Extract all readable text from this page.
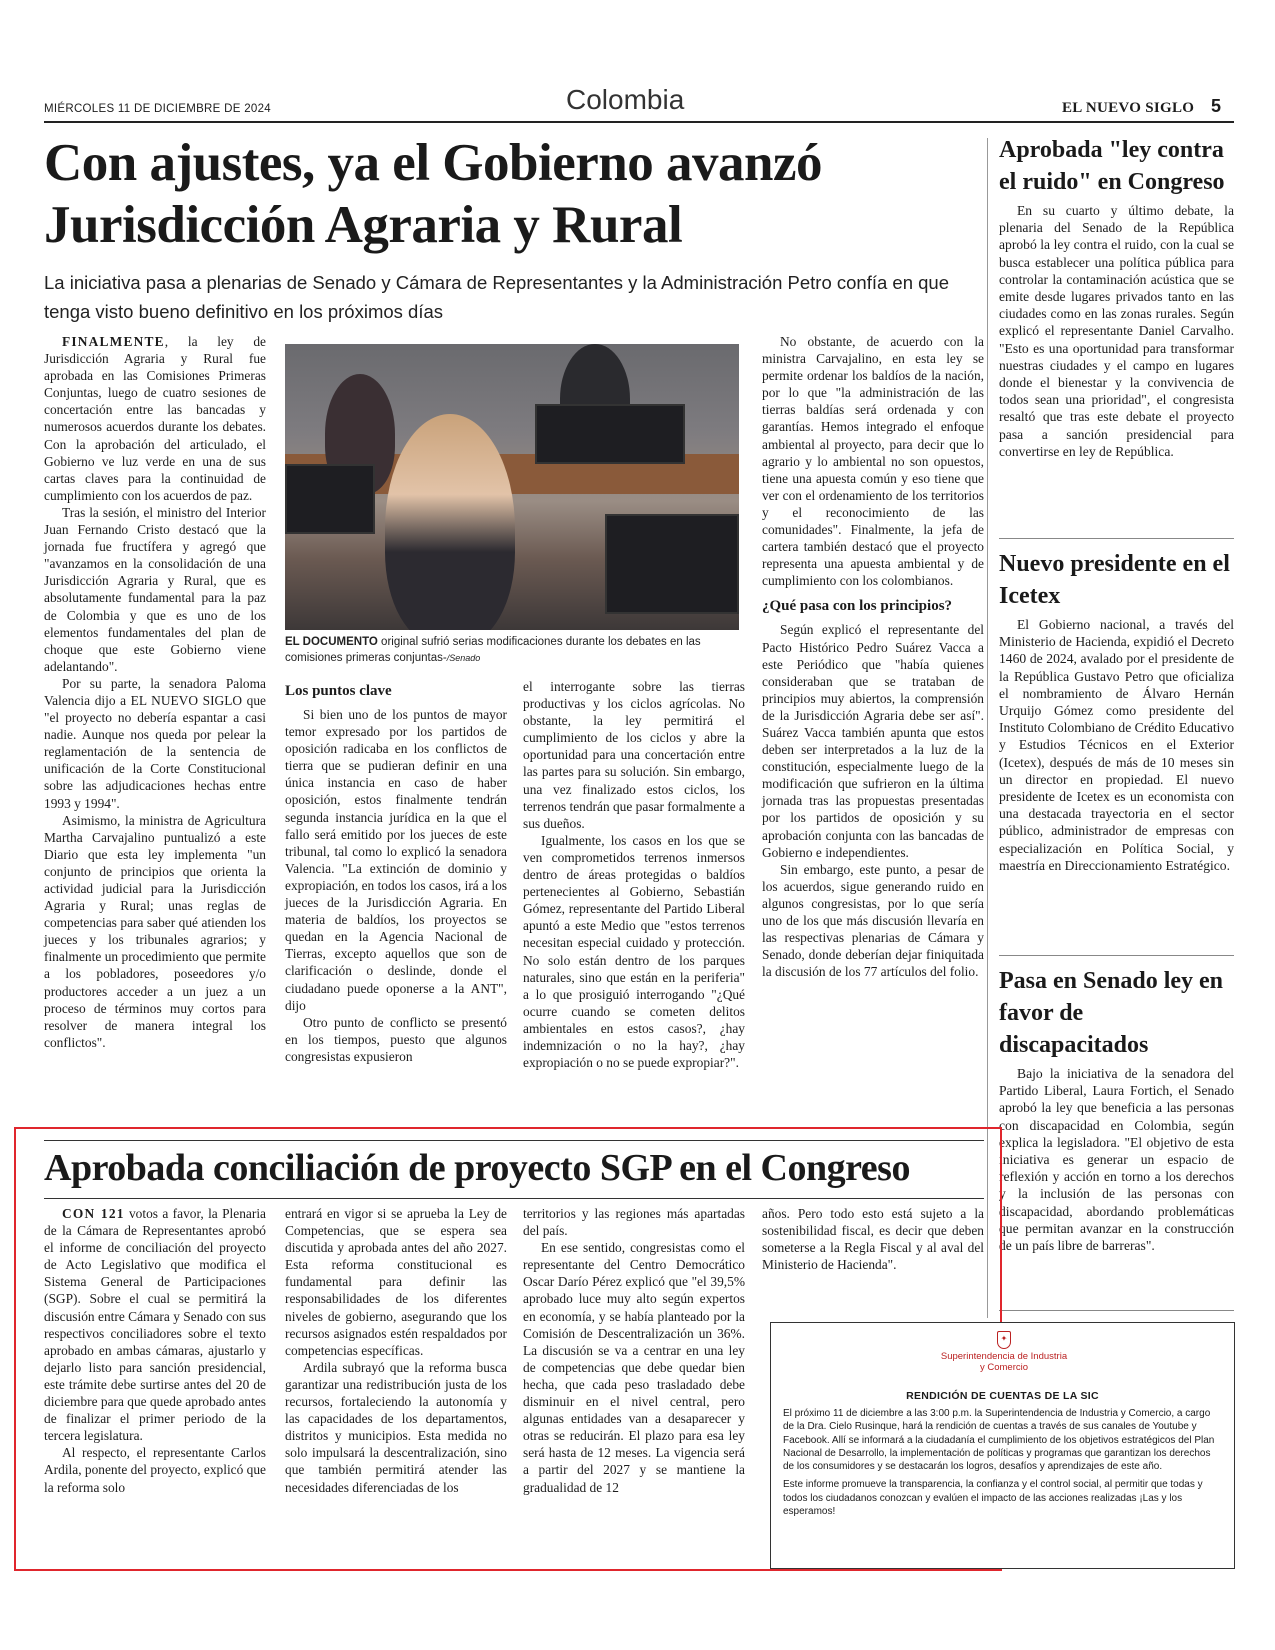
MIÉRCOLES 11 DE DICIEMBRE DE 2024	Colombia	EL NUEVO SIGLO 5
Con ajustes, ya el Gobierno avanzó Jurisdicción Agraria y Rural
La iniciativa pasa a plenarias de Senado y Cámara de Representantes y la Administración Petro confía en que tenga visto bueno definitivo en los próximos días

FINALMENTE, la ley de Jurisdicción Agraria y Rural fue aprobada en las Comisiones Primeras Conjuntas, luego de cuatro sesiones de concertación entre las bancadas y numerosos acuerdos durante los debates. Con la aprobación del articulado, el Gobierno ve luz verde en una de sus cartas claves para la continuidad de cumplimiento con los acuerdos de paz.

Tras la sesión, el ministro del Interior Juan Fernando Cristo destacó que la jornada fue fructífera y agregó que "avanzamos en la consolidación de una Jurisdicción Agraria y Rural, que es absolutamente fundamental para la paz de Colombia y que es uno de los elementos fundamentales del plan de choque que este Gobierno viene adelantando".

Por su parte, la senadora Paloma Valencia dijo a EL NUEVO SIGLO que "el proyecto no debería espantar a casi nadie. Aunque nos queda por pelear la reglamentación de la sentencia de unificación de la Corte Constitucional sobre las adjudicaciones hechas entre 1993 y 1994".

Asimismo, la ministra de Agricultura Martha Carvajalino puntualizó a este Diario que esta ley implementa "un conjunto de principios que orienta la actividad judicial para la Jurisdicción Agraria y Rural; unas reglas de competencias para saber qué atienden los jueces y los tribunales agrarios; y finalmente un procedimiento que permite a los pobladores, poseedores y/o productores acceder a un juez a un proceso de términos muy cortos para resolver de manera integral los conflictos".

EL DOCUMENTO original sufrió serias modificaciones durante los debates en las comisiones primeras conjuntas-/Senado
Los puntos clave

Si bien uno de los puntos de mayor temor expresado por los partidos de oposición radicaba en los conflictos de tierra que se pudieran definir en una única instancia en caso de haber oposición, estos finalmente tendrán segunda instancia jurídica en la que el fallo será emitido por los jueces de este tribunal, tal como lo explicó la senadora Valencia. "La extinción de dominio y expropiación, en todos los casos, irá a los jueces de la Jurisdicción Agraria. En materia de baldíos, los proyectos se quedan en la Agencia Nacional de Tierras, excepto aquellos que son de clarificación o deslinde, donde el ciudadano puede oponerse a la ANT", dijo

Otro punto de conflicto se presentó en los tiempos, puesto que algunos congresistas expusieron

el interrogante sobre las tierras productivas y los ciclos agrícolas. No obstante, la ley permitirá el cumplimiento de los ciclos y abre la oportunidad para una concertación entre las partes para su solución. Sin embargo, una vez finalizado estos ciclos, los terrenos tendrán que pasar formalmente a sus dueños.

Igualmente, los casos en los que se ven comprometidos terrenos inmersos dentro de áreas protegidas o baldíos pertenecientes al Gobierno, Sebastián Gómez, representante del Partido Liberal apuntó a este Medio que "estos terrenos necesitan especial cuidado y protección. No solo están dentro de los parques naturales, sino que están en la periferia" a lo que prosiguió interrogando "¿Qué ocurre cuando se cometen delitos ambientales en estos casos?, ¿hay indemnización o no la hay?, ¿hay expropiación o no se puede expropiar?".

No obstante, de acuerdo con la ministra Carvajalino, en esta ley se permite ordenar los baldíos de la nación, por lo que "la administración de las tierras baldías será ordenada y con garantías. Hemos integrado el enfoque ambiental al proyecto, para decir que lo agrario y lo ambiental no son opuestos, tiene una apuesta común y eso tiene que ver con el ordenamiento de los territorios y el reconocimiento de las comunidades". Finalmente, la jefa de cartera también destacó que el proyecto representa una apuesta ambiental y de cumplimiento con los colombianos.

¿Qué pasa con los principios?

Según explicó el representante del Pacto Histórico Pedro Suárez Vacca a este Periódico que "había quienes consideraban que se trataban de principios muy abiertos, la comprensión de la Jurisdicción Agraria debe ser así". Suárez Vacca también apunta que estos deben ser interpretados a la luz de la constitución, especialmente luego de la modificación que sufrieron en la última jornada tras las propuestas presentadas por los partidos de oposición y su aprobación conjunta con las bancadas de Gobierno e independientes.

Sin embargo, este punto, a pesar de los acuerdos, sigue generando ruido en algunos congresistas, por lo que sería uno de los que más discusión llevaría en las respectivas plenarias de Cámara y Senado, donde deberían dejar finiquitada la discusión de los 77 artículos del folio.

Aprobada "ley contra el ruido" en Congreso

En su cuarto y último debate, la plenaria del Senado de la República aprobó la ley contra el ruido, con la cual se busca establecer una política pública para controlar la contaminación acústica que se emite desde lugares privados tanto en las ciudades como en las zonas rurales. Según explicó el representante Daniel Carvalho. "Esto es una oportunidad para transformar nuestras ciudades y el campo en lugares donde el bienestar y la convivencia de todos sean una prioridad", el congresista resaltó que tras este debate el proyecto pasa a sanción presidencial para convertirse en ley de República.

Nuevo presidente en el Icetex

El Gobierno nacional, a través del Ministerio de Hacienda, expidió el Decreto 1460 de 2024, avalado por el presidente de la República Gustavo Petro que oficializa el nombramiento de Álvaro Hernán Urquijo Gómez como presidente del Instituto Colombiano de Crédito Educativo y Estudios Técnicos en el Exterior (Icetex), después de más de 10 meses sin un director en propiedad. El nuevo presidente de Icetex es un economista con una destacada trayectoria en el sector público, administrador de empresas con especialización en Política Social, y maestría en Direccionamiento Estratégico.

Pasa en Senado ley en favor de discapacitados

Bajo la iniciativa de la senadora del Partido Liberal, Laura Fortich, el Senado aprobó la ley que beneficia a las personas con discapacidad en Colombia, según explica la legisladora. "El objetivo de esta iniciativa es generar un espacio de reflexión y acción en torno a los derechos y la inclusión de las personas con discapacidad, abordando problemáticas que permitan avanzar en la construcción de un país libre de barreras".

Aprobada conciliación de proyecto SGP en el Congreso

CON 121 votos a favor, la Plenaria de la Cámara de Representantes aprobó el informe de conciliación del proyecto de Acto Legislativo que modifica el Sistema General de Participaciones (SGP). Sobre el cual se permitirá la discusión entre Cámara y Senado con sus respectivos conciliadores sobre el texto aprobado en ambas cámaras, ajustarlo y dejarlo listo para sanción presidencial, este trámite debe surtirse antes del 20 de diciembre para que quede aprobado antes de finalizar el primer periodo de la tercera legislatura.

Al respecto, el representante Carlos Ardila, ponente del proyecto, explicó que la reforma solo

entrará en vigor si se aprueba la Ley de Competencias, que se espera sea discutida y aprobada antes del año 2027. Esta reforma constitucional es fundamental para definir las responsabilidades de los diferentes niveles de gobierno, asegurando que los recursos asignados estén respaldados por competencias específicas.

Ardila subrayó que la reforma busca garantizar una redistribución justa de los recursos, fortaleciendo la autonomía y las capacidades de los departamentos, distritos y municipios. Esta medida no solo impulsará la descentralización, sino que también permitirá atender las necesidades diferenciadas de los

territorios y las regiones más apartadas del país.

En ese sentido, congresistas como el representante del Centro Democrático Oscar Darío Pérez explicó que "el 39,5% aprobado luce muy alto según expertos en economía, y se había planteado por la Comisión de Descentralización un 36%. La discusión se va a centrar en una ley de competencias que debe quedar bien hecha, que cada peso trasladado debe disminuir en el nivel central, pero algunas entidades van a desaparecer y otras se reducirán. El plazo para esa ley será hasta de 12 meses. La vigencia será a partir del 2027 y se mantiene la gradualidad de 12

años. Pero todo esto está sujeto a la sostenibilidad fiscal, es decir que deben someterse a la Regla Fiscal y al aval del Ministerio de Hacienda".

✦
Superintendencia de Industria y Comercio
RENDICIÓN DE CUENTAS DE LA SIC

El próximo 11 de diciembre a las 3:00 p.m. la Superintendencia de Industria y Comercio, a cargo de la Dra. Cielo Rusinque, hará la rendición de cuentas a través de sus canales de Youtube y Facebook. Allí se informará a la ciudadanía el cumplimiento de los objetivos estratégicos del Plan Nacional de Desarrollo, la implementación de políticas y programas que garantizan los derechos de los consumidores y se destacarán los logros, desafíos y aprendizajes de este año.

Este informe promueve la transparencia, la confianza y el control social, al permitir que todas y todos los ciudadanos conozcan y evalúen el impacto de las acciones realizadas ¡Las y los esperamos!
